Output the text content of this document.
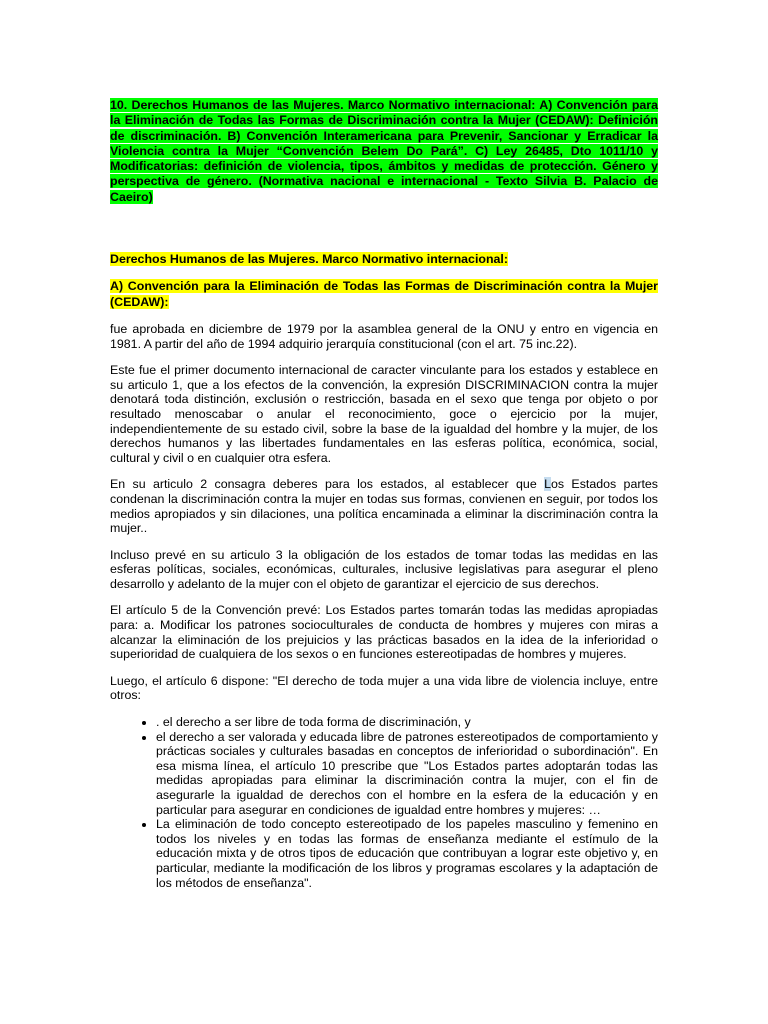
10. Derechos Humanos de las Mujeres. Marco Normativo internacional: A) Convención para la Eliminación de Todas las Formas de Discriminación contra la Mujer (CEDAW): Definición de discriminación. B) Convención Interamericana para Prevenir, Sancionar y Erradicar la Violencia contra la Mujer “Convención Belem Do Pará”. C) Ley 26485, Dto 1011/10 y Modificatorias: definición de violencia, tipos, ámbitos y medidas de protección. Género y perspectiva de género. (Normativa nacional e internacional - Texto Silvia B. Palacio de Caeiro)

Derechos Humanos de las Mujeres. Marco Normativo internacional:

A) Convención para la Eliminación de Todas las Formas de Discriminación contra la Mujer (CEDAW):

fue aprobada en diciembre de 1979 por la asamblea general de la ONU y entro en vigencia en 1981. A partir del año de 1994 adquirio jerarquía constitucional (con el art. 75 inc.22).

Este fue el primer documento internacional de caracter vinculante para los estados y establece en su articulo 1, que a los efectos de la convención, la expresión DISCRIMINACION contra la mujer denotará toda distinción, exclusión o restricción, basada en el sexo que tenga por objeto o por resultado menoscabar o anular el reconocimiento, goce o ejercicio por la mujer, independientemente de su estado civil, sobre la base de la igualdad del hombre y la mujer, de los derechos humanos y las libertades fundamentales en las esferas política, económica, social, cultural y civil o en cualquier otra esfera.

En su articulo 2 consagra deberes para los estados, al establecer que Los Estados partes condenan la discriminación contra la mujer en todas sus formas, convienen en seguir, por todos los medios apropiados y sin dilaciones, una política encaminada a eliminar la discriminación contra la mujer..

Incluso prevé en su articulo 3 la obligación de los estados de tomar todas las medidas en las esferas políticas, sociales, económicas, culturales, inclusive legislativas para asegurar el pleno desarrollo y adelanto de la mujer con el objeto de garantizar el ejercicio de sus derechos.

El artículo 5 de la Convención prevé: Los Estados partes tomarán todas las medidas apropiadas para: a. Modificar los patrones socioculturales de conducta de hombres y mujeres con miras a alcanzar la eliminación de los prejuicios y las prácticas basados en la idea de la inferioridad o superioridad de cualquiera de los sexos o en funciones estereotipadas de hombres y mujeres.

Luego, el artículo 6 dispone: "El derecho de toda mujer a una vida libre de violencia incluye, entre otros:

• . el derecho a ser libre de toda forma de discriminación, y
• el derecho a ser valorada y educada libre de patrones estereotipados de comportamiento y prácticas sociales y culturales basadas en conceptos de inferioridad o subordinación". En esa misma línea, el artículo 10 prescribe que "Los Estados partes adoptarán todas las medidas apropiadas para eliminar la discriminación contra la mujer, con el fin de asegurarle la igualdad de derechos con el hombre en la esfera de la educación y en particular para asegurar en condiciones de igualdad entre hombres y mujeres: …
• La eliminación de todo concepto estereotipado de los papeles masculino y femenino en todos los niveles y en todas las formas de enseñanza mediante el estímulo de la educación mixta y de otros tipos de educación que contribuyan a lograr este objetivo y, en particular, mediante la modificación de los libros y programas escolares y la adaptación de los métodos de enseñanza".
